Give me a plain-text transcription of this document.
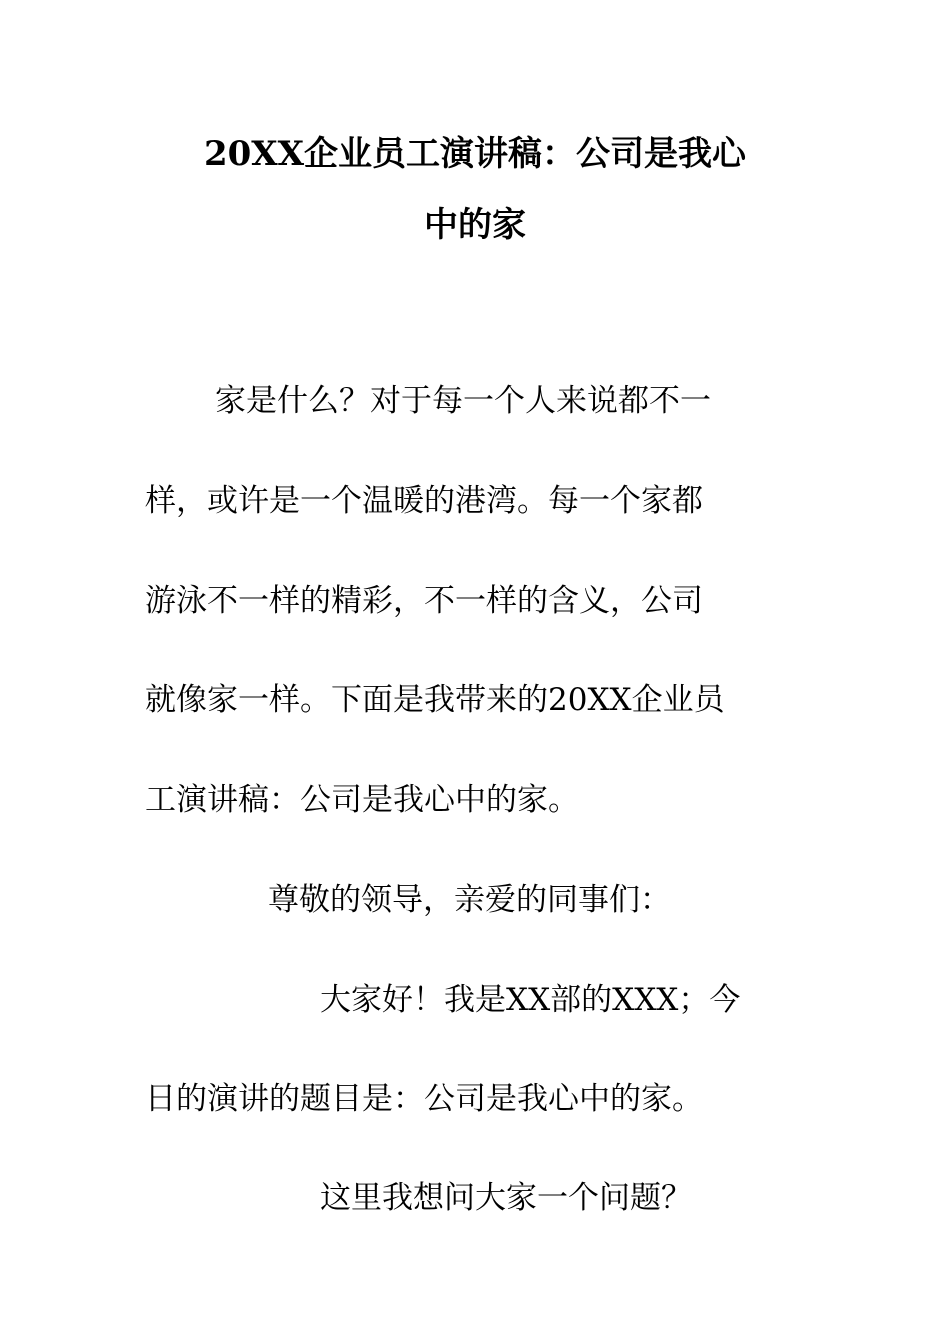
20XX企业员工演讲稿：公司是我心
中的家
家是什么？对于每一个人来说都不一
样，或许是一个温暖的港湾。每一个家都
游泳不一样的精彩，不一样的含义，公司
就像家一样。下面是我带来的20XX企业员
工演讲稿：公司是我心中的家。
尊敬的领导，亲爱的同事们：
大家好！我是XX部的XXX；今
日的演讲的题目是：公司是我心中的家。
这里我想问大家一个问题？
